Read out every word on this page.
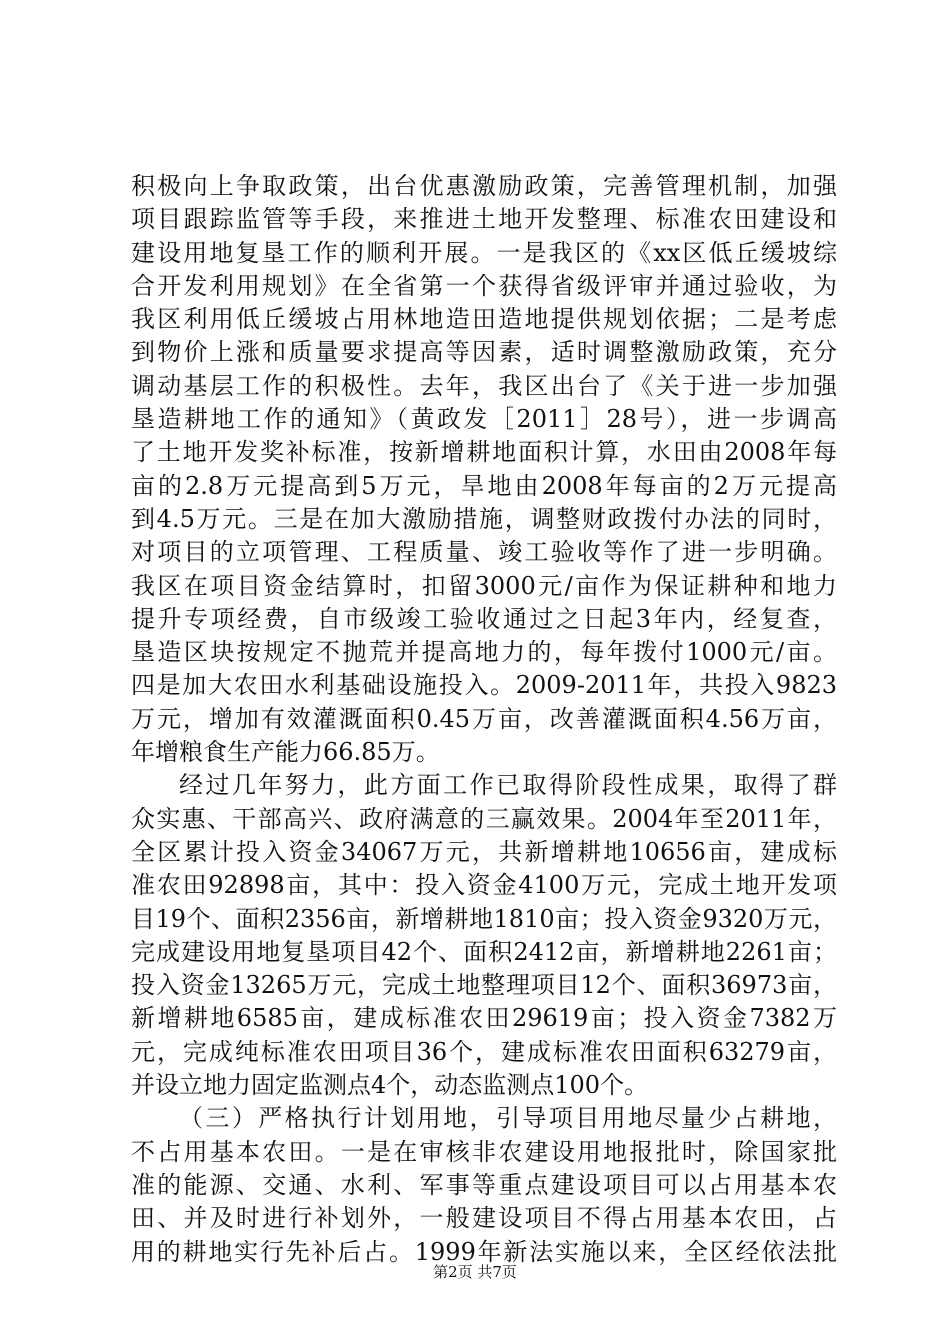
积极向上争取政策，出台优惠激励政策，完善管理机制，加强
项目跟踪监管等手段，来推进土地开发整理、标准农田建设和
建设用地复垦工作的顺利开展。一是我区的《xx区低丘缓坡综
合开发利用规划》在全省第一个获得省级评审并通过验收，为
我区利用低丘缓坡占用林地造田造地提供规划依据；二是考虑
到物价上涨和质量要求提高等因素，适时调整激励政策，充分
调动基层工作的积极性。去年，我区出台了《关于进一步加强
垦造耕地工作的通知》（黄政发［2011］28号），进一步调高
了土地开发奖补标准，按新增耕地面积计算，水田由2008年每
亩的2.8万元提高到5万元，旱地由2008年每亩的2万元提高
到4.5万元。三是在加大激励措施，调整财政拨付办法的同时，
对项目的立项管理、工程质量、竣工验收等作了进一步明确。
我区在项目资金结算时，扣留3000元/亩作为保证耕种和地力
提升专项经费，自市级竣工验收通过之日起3年内，经复查，
垦造区块按规定不抛荒并提高地力的，每年拨付1000元/亩。
四是加大农田水利基础设施投入。2009-2011年，共投入9823
万元，增加有效灌溉面积0.45万亩，改善灌溉面积4.56万亩，
年增粮食生产能力66.85万。
经过几年努力，此方面工作已取得阶段性成果，取得了群
众实惠、干部高兴、政府满意的三赢效果。2004年至2011年，
全区累计投入资金34067万元，共新增耕地10656亩，建成标
准农田92898亩，其中：投入资金4100万元，完成土地开发项
目19个、面积2356亩，新增耕地1810亩；投入资金9320万元，
完成建设用地复垦项目42个、面积2412亩，新增耕地2261亩；
投入资金13265万元，完成土地整理项目12个、面积36973亩，
新增耕地6585亩，建成标准农田29619亩；投入资金7382万
元，完成纯标准农田项目36个，建成标准农田面积63279亩，
并设立地力固定监测点4个，动态监测点100个。
（三）严格执行计划用地，引导项目用地尽量少占耕地，
不占用基本农田。一是在审核非农建设用地报批时，除国家批
准的能源、交通、水利、军事等重点建设项目可以占用基本农
田、并及时进行补划外，一般建设项目不得占用基本农田，占
用的耕地实行先补后占。1999年新法实施以来，全区经依法批
第2页 共7页
